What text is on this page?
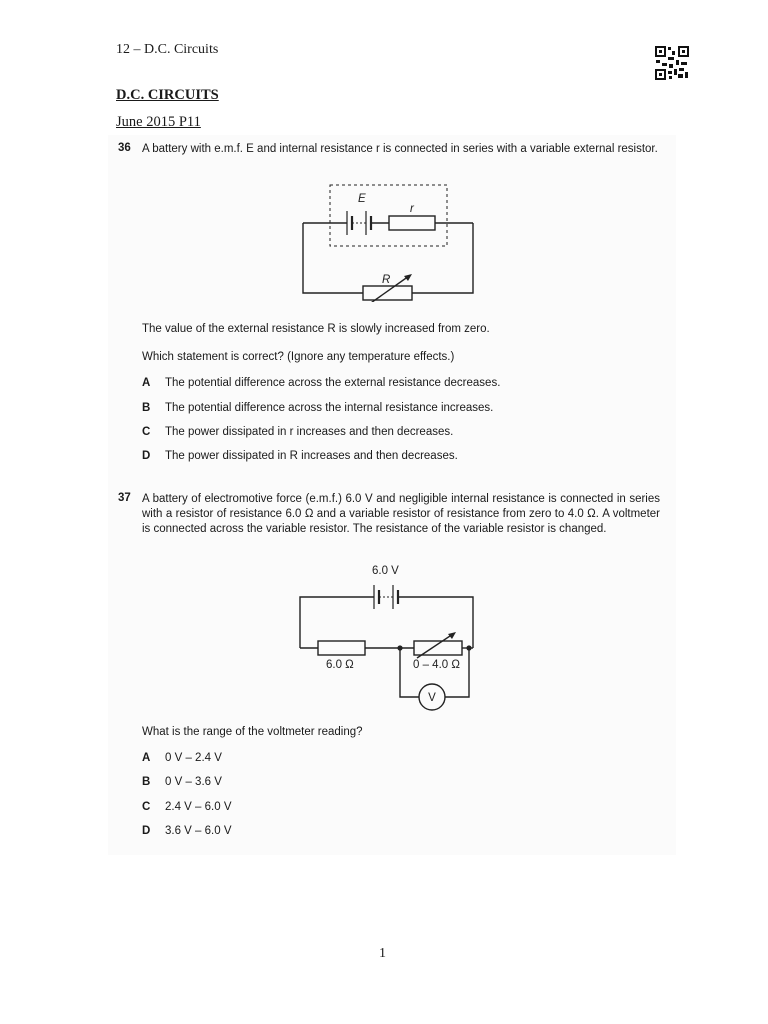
12 – D.C. Circuits
D.C. CIRCUITS
June 2015 P11
36 A battery with e.m.f. E and internal resistance r is connected in series with a variable external resistor.
E
r
R
The value of the external resistance R is slowly increased from zero.
Which statement is correct? (Ignore any temperature effects.)
A The potential difference across the external resistance decreases.
B The potential difference across the internal resistance increases.
C The power dissipated in r increases and then decreases.
D The power dissipated in R increases and then decreases.
37 A battery of electromotive force (e.m.f.) 6.0 V and negligible internal resistance is connected in series with a resistor of resistance 6.0 Ω and a variable resistor of resistance from zero to 4.0 Ω. A voltmeter is connected across the variable resistor. The resistance of the variable resistor is changed.
6.0 V
6.0 Ω	0 – 4.0 Ω
V
What is the range of the voltmeter reading?
A 0 V – 2.4 V
B 0 V – 3.6 V
C 2.4 V – 6.0 V
D 3.6 V – 6.0 V
1
